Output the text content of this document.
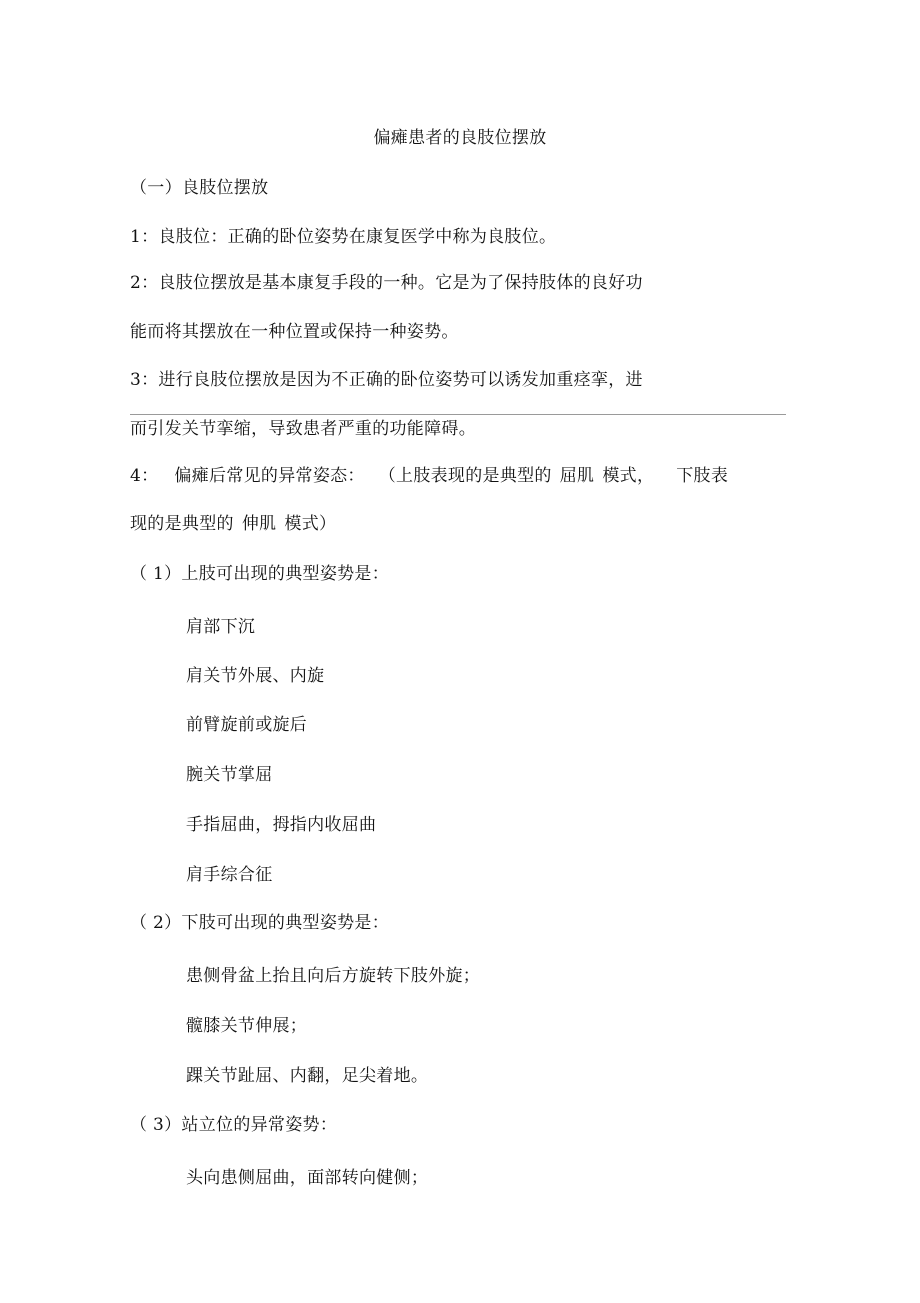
偏瘫患者的良肢位摆放
（一）良肢位摆放
1：良肢位：正确的卧位姿势在康复医学中称为良肢位。
2：良肢位摆放是基本康复手段的一种。它是为了保持肢体的良好功
能而将其摆放在一种位置或保持一种姿势。
3：进行良肢位摆放是因为不正确的卧位姿势可以诱发加重痉挛，进
而引发关节挛缩，导致患者严重的功能障碍。
4： 偏瘫后常见的异常姿态： （上肢表现的是典型的 屈肌 模式， 下肢表
现的是典型的 伸肌 模式）
（ 1）上肢可出现的典型姿势是：
肩部下沉
肩关节外展、内旋
前臂旋前或旋后
腕关节掌屈
手指屈曲，拇指内收屈曲
肩手综合征
（ 2）下肢可出现的典型姿势是：
患侧骨盆上抬且向后方旋转下肢外旋；
髋膝关节伸展；
踝关节趾屈、内翻，足尖着地。
（ 3）站立位的异常姿势：
头向患侧屈曲，面部转向健侧；
